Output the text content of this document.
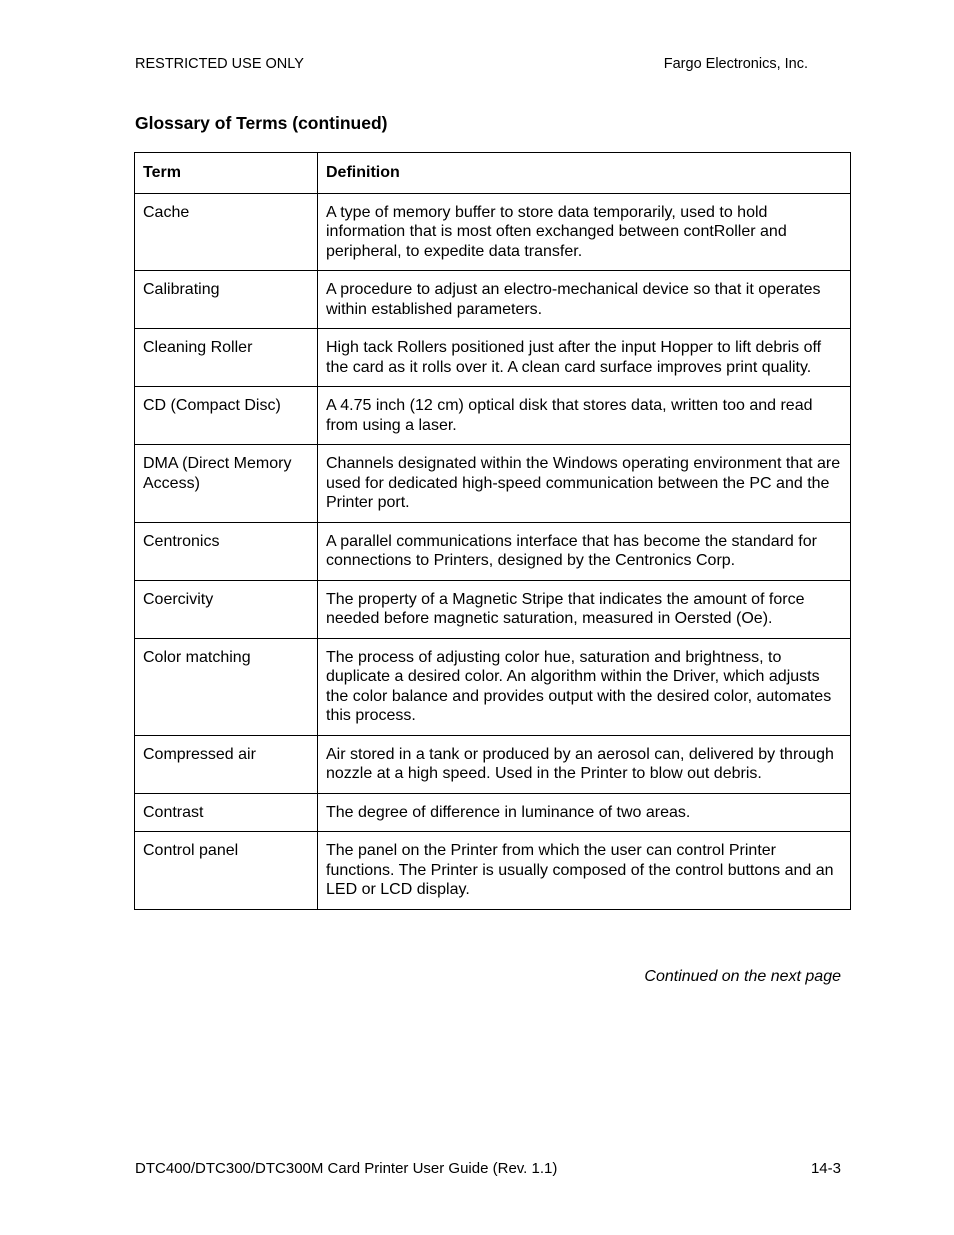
RESTRICTED USE ONLY	Fargo Electronics, Inc.
Glossary of Terms (continued)
Term	Definition
Cache	A type of memory buffer to store data temporarily, used to hold information that is most often exchanged between contRoller and peripheral, to expedite data transfer.
Calibrating	A procedure to adjust an electro-mechanical device so that it operates within established parameters.
Cleaning Roller	High tack Rollers positioned just after the input Hopper to lift debris off the card as it rolls over it. A clean card surface improves print quality.
CD (Compact Disc)	A 4.75 inch (12 cm) optical disk that stores data, written too and read from using a laser.
DMA (Direct Memory Access)	Channels designated within the Windows operating environment that are used for dedicated high-speed communication between the PC and the Printer port.
Centronics	A parallel communications interface that has become the standard for connections to Printers, designed by the Centronics Corp.
Coercivity	The property of a Magnetic Stripe that indicates the amount of force needed before magnetic saturation, measured in Oersted (Oe).
Color matching	The process of adjusting color hue, saturation and brightness, to duplicate a desired color. An algorithm within the Driver, which adjusts the color balance and provides output with the desired color, automates this process.
Compressed air	Air stored in a tank or produced by an aerosol can, delivered by through nozzle at a high speed. Used in the Printer to blow out debris.
Contrast	The degree of difference in luminance of two areas.
Control panel	The panel on the Printer from which the user can control Printer functions. The Printer is usually composed of the control buttons and an LED or LCD display.
Continued on the next page
DTC400/DTC300/DTC300M Card Printer User Guide (Rev. 1.1)	14-3
